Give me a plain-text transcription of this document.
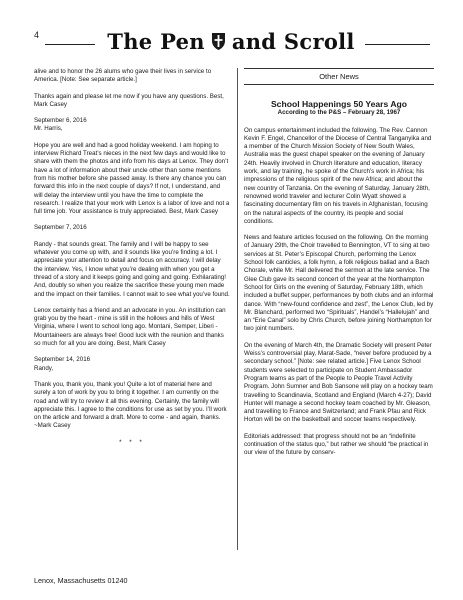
4	The Pen and Scroll

alive and to honor the 26 alums who gave their lives in service to America. [Note: See separate article.]

Thanks again and please let me now if you have any questions. Best, Mark Casey
September 6, 2016
Mr. Harris,
Hope you are well and had a good holiday weekend. I am hoping to interview Richard Treat’s nieces in the next few days and would like to share with them the photos and info from his days at Lenox. They don’t have a lot of information about their uncle other than some mentions from his mother before she passed away. Is there any chance you can forward this info in the next couple of days? If not, I understand, and will delay the interview until you have the time to complete the research. I realize that your work with Lenox is a labor of love and not a full time job. Your assistance is truly appreciated. Best, Mark Casey
September 7, 2016
Randy - that sounds great. The family and I will be happy to see whatever you come up with, and it sounds like you’re finding a lot. I appreciate your attention to detail and focus on accuracy. I will delay the interview. Yes, I know what you’re dealing with when you get a thread of a story and it keeps going and going and going. Exhilarating! And, doubly so when you realize the sacrifice these young men made and the impact on their families. I cannot wait to see what you’ve found.
Lenox certainly has a friend and an advocate in you. An institution can grab you by the heart - mine is still in the hollows and hills of West Virginia, where I went to school long ago. Montani, Semper, Liberi - Mountaineers are always free! Good luck with the reunion and thanks so much for all you are doing. Best, Mark Casey
September 14, 2016
Randy,
Thank you, thank you, thank you! Quite a lot of material here and surely a ton of work by you to bring it together. I am currently on the road and will try to review it all this evening. Certainly, the family will appreciate this. I agree to the conditions for use as set by you. I’ll work on the article and forward a draft. More to come - and again, thanks. ~Mark Casey
* * *
Other News
School Happenings 50 Years Ago
According to the P&S – February 28, 1967

On campus entertainment included the following. The Rev. Cannon Kevin F. Engel, Chancellor of the Diocese of Central Tanganyika and a member of the Church Mission Society of New South Wales, Australia was the guest chapel speaker on the evening of January 24th. Heavily involved in Church literature and education, literacy work, and lay training, he spoke of the Church’s work in Africa; his impressions of the religious spirit of the new Africa; and about the new country of Tanzania. On the evening of Saturday, January 28th, renowned world traveler and lecturer Colin Wyatt showed a fascinating documentary film on his travels in Afghanistan, focusing on the natural aspects of the country, its people and social conditions.

News and feature articles focused on the following. On the morning of January 29th, the Choir travelled to Bennington, VT to sing at two services at St. Peter’s Episcopal Church, performing the Lenox School folk canticles, a folk hymn, a folk religious ballad and a Bach Chorale, while Mr. Hall delivered the sermon at the late service. The Glee Club gave its second concert of the year at the Northampton School for Girls on the evening of Saturday, February 18th, which included a buffet supper, performances by both clubs and an informal dance. With “new-found confidence and zest”, the Lenox Club, led by Mr. Blanchard, performed two “Spirituals”, Handel’s “Hallelujah” and an “Erie Canal” solo by Chris Church, before joining Northampton for two joint numbers.

On the evening of March 4th, the Dramatic Society will present Peter Weiss’s controversial play, Marat-Sade, “never before produced by a secondary school.” [Note: see related article.] Five Lenox School students were selected to participate on Student Ambassador Program teams as part of the People to People Travel Activity Program. John Sumner and Bob Sansone will play on a hockey team travelling to Scandinavia, Scotland and England (March 4-27); David Hunter will manage a second hockey team coached by Mr. Gleason, and travelling to France and Switzerland; and Frank Pfau and Rick Horton will be on the basketball and soccer teams respectively.

Editorials addressed: that progress should not be an “indefinite continuation of the status quo,” but rather we should “be practical in our view of the future by conserv-

Lenox, Massachusetts 01240
